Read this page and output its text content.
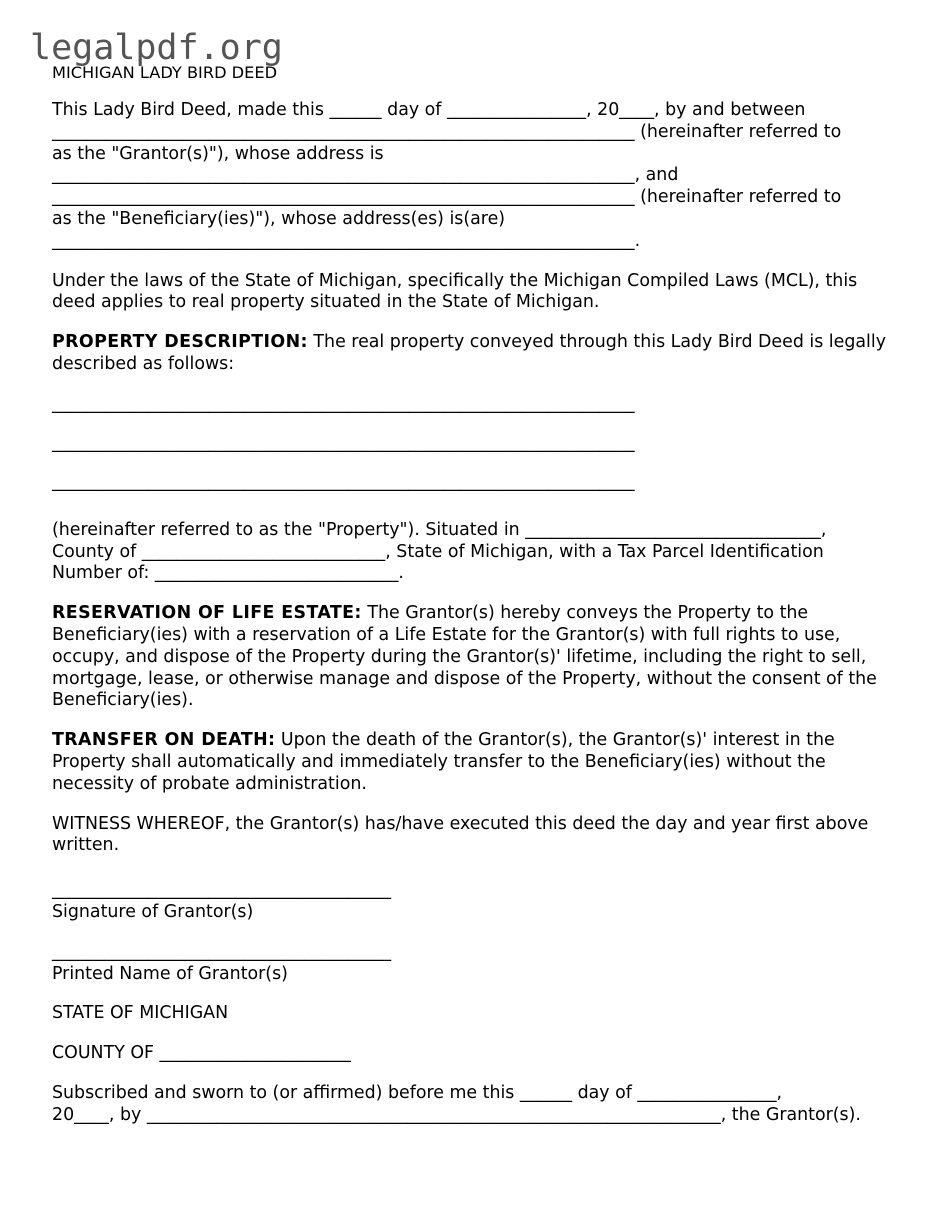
legalpdf.org
MICHIGAN LADY BIRD DEED

This Lady Bird Deed, made this ______ day of ________________, 20____, by and between
___________________________________________________________________ (hereinafter referred to
as the "Grantor(s)"), whose address is
___________________________________________________________________, and
___________________________________________________________________ (hereinafter referred to
as the "Beneficiary(ies)"), whose address(es) is(are)
___________________________________________________________________.

Under the laws of the State of Michigan, specifically the Michigan Compiled Laws (MCL), this deed applies to real property situated in the State of Michigan.

PROPERTY DESCRIPTION: The real property conveyed through this Lady Bird Deed is legally described as follows:

___________________________________________________________________
___________________________________________________________________
___________________________________________________________________

(hereinafter referred to as the "Property"). Situated in __________________________________,
County of ____________________________, State of Michigan, with a Tax Parcel Identification
Number of: ____________________________.

RESERVATION OF LIFE ESTATE: The Grantor(s) hereby conveys the Property to the Beneficiary(ies) with a reservation of a Life Estate for the Grantor(s) with full rights to use, occupy, and dispose of the Property during the Grantor(s)' lifetime, including the right to sell, mortgage, lease, or otherwise manage and dispose of the Property, without the consent of the Beneficiary(ies).

TRANSFER ON DEATH: Upon the death of the Grantor(s), the Grantor(s)' interest in the Property shall automatically and immediately transfer to the Beneficiary(ies) without the necessity of probate administration.

WITNESS WHEREOF, the Grantor(s) has/have executed this deed the day and year first above written.

_______________________________________
Signature of Grantor(s)
_______________________________________
Printed Name of Grantor(s)

STATE OF MICHIGAN

COUNTY OF ______________________

Subscribed and sworn to (or affirmed) before me this ______ day of ________________,
20____, by __________________________________________________________________, the Grantor(s).
